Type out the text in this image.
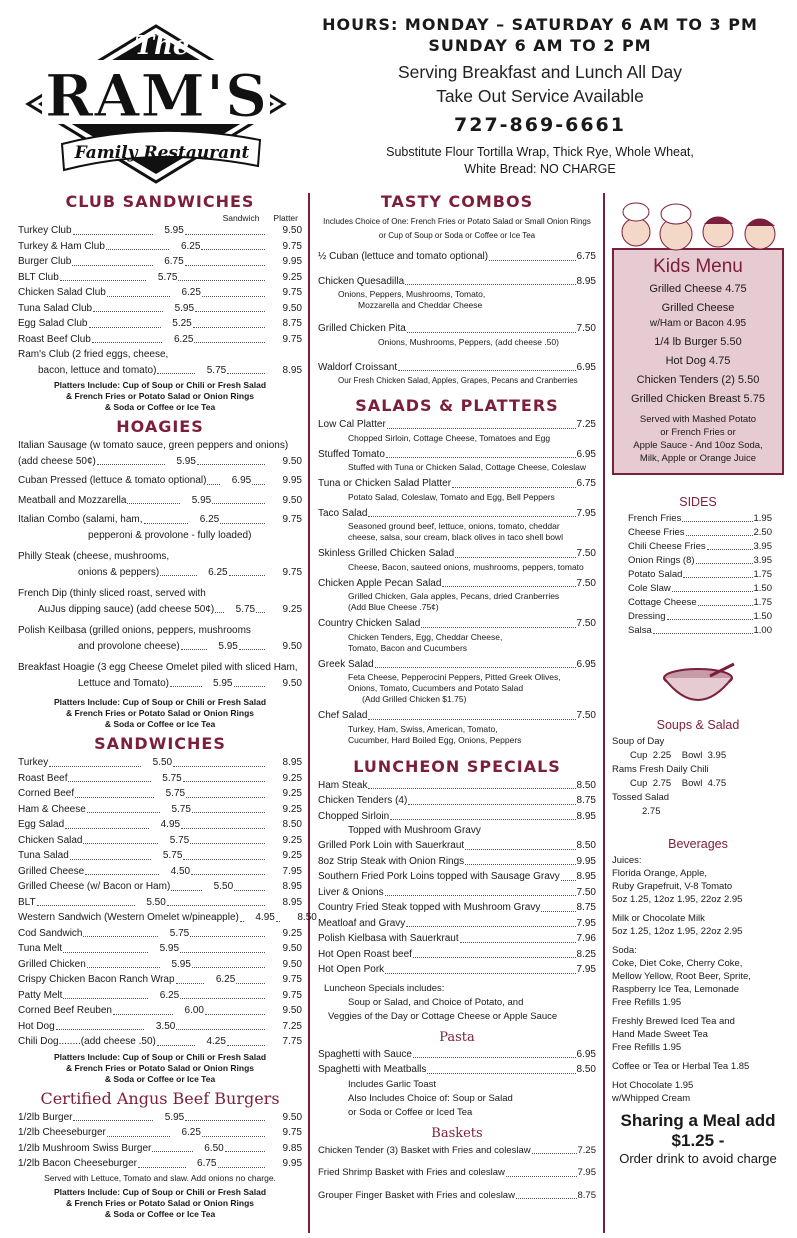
The
RAM'S
Family Restaurant
HOURS: MONDAY – SATURDAY 6 AM TO 3 PM
SUNDAY 6 AM TO 2 PM
Serving Breakfast and Lunch All Day
Take Out Service Available
727-869-6661
Substitute Flour Tortilla Wrap, Thick Rye, Whole Wheat,
White Bread: NO CHARGE
CLUB SANDWICHES
Sandwich Platter
Turkey Club	5.95	9.50
Turkey & Ham Club	6.25	9.75
Burger Club	6.75	9.95
BLT Club	5.75	9.25
Chicken Salad Club	6.25	9.75
Tuna Salad Club	5.95	9.50
Egg Salad Club	5.25	8.75
Roast Beef Club	6.25	9.75
Ram's Club (2 fried eggs, cheese,
bacon, lettuce and tomato)	5.75	8.95
Platters Include: Cup of Soup or Chili or Fresh Salad
& French Fries or Potato Salad or Onion Rings
& Soda or Coffee or Ice Tea
HOAGIES
Italian Sausage (w tomato sauce, green peppers and onions)
(add cheese 50¢)	5.95	9.50
Cuban Pressed (lettuce & tomato optional)	6.95	9.95
Meatball and Mozzarella	5.95	9.50
Italian Combo (salami, ham,	6.25	9.75
pepperoni & provolone - fully loaded)
Philly Steak (cheese, mushrooms,
onions & peppers)	6.25	9.75
French Dip (thinly sliced roast, served with
AuJus dipping sauce) (add cheese 50¢)	5.75	9.25
Polish Keilbasa (grilled onions, peppers, mushrooms
and provolone cheese)	5.95	9.50
Breakfast Hoagie (3 egg Cheese Omelet piled with sliced Ham,
Lettuce and Tomato)	5.95	9.50
Platters Include: Cup of Soup or Chili or Fresh Salad
& French Fries or Potato Salad or Onion Rings
& Soda or Coffee or Ice Tea
SANDWICHES
Turkey	5.50	8.95
Roast Beef	5.75	9.25
Corned Beef	5.75	9.25
Ham & Cheese	5.75	9.25
Egg Salad	4.95	8.50
Chicken Salad	5.75	9.25
Tuna Salad	5.75	9.25
Grilled Cheese	4.50	7.95
Grilled Cheese (w/ Bacon or Ham)	5.50	8.95
BLT	5.50	8.95
Western Sandwich (Western Omelet w/pineapple)	4.95	8.50
Cod Sandwich	5.75	9.25
Tuna Melt	5.95	9.50
Grilled Chicken	5.95	9.50
Crispy Chicken Bacon Ranch Wrap	6.25	9.75
Patty Melt	6.25	9.75
Corned Beef Reuben	6.00	9.50
Hot Dog	3.50	7.25
Chili Dog........(add cheese .50)	4.25	7.75
Platters Include: Cup of Soup or Chili or Fresh Salad
& French Fries or Potato Salad or Onion Rings
& Soda or Coffee or Ice Tea
Certified Angus Beef Burgers
1/2lb Burger	5.95	9.50
1/2lb Cheeseburger	6.25	9.75
1/2lb Mushroom Swiss Burger	6.50	9.85
1/2lb Bacon Cheeseburger	6.75	9.95
Served with Lettuce, Tomato and slaw. Add onions no charge.
Platters Include: Cup of Soup or Chili or Fresh Salad
& French Fries or Potato Salad or Onion Rings
& Soda or Coffee or Ice Tea
TASTY COMBOS
Includes Choice of One: French Fries or Potato Salad or Small Onion Rings
or Cup of Soup or Soda or Coffee or Ice Tea
½ Cuban (lettuce and tomato optional)	6.75
Chicken Quesadilla	8.95
Onions, Peppers, Mushrooms, Tomato,
Mozzarella and Cheddar Cheese
Grilled Chicken Pita	7.50
Onions, Mushrooms, Peppers, (add cheese .50)
Waldorf Croissant	6.95
Our Fresh Chicken Salad, Apples, Grapes, Pecans and Cranberries
SALADS & PLATTERS
Low Cal Platter	7.25
Chopped Sirloin, Cottage Cheese, Tomatoes and Egg
Stuffed Tomato	6.95
Stuffed with Tuna or Chicken Salad, Cottage Cheese, Coleslaw
Tuna or Chicken Salad Platter	6.75
Potato Salad, Coleslaw, Tomato and Egg, Bell Peppers
Taco Salad	7.95
Seasoned ground beef, lettuce, onions, tomato, cheddar
cheese, salsa, sour cream, black olives in taco shell bowl
Skinless Grilled Chicken Salad	7.50
Cheese, Bacon, sauteed onions, mushrooms, peppers, tomato
Chicken Apple Pecan Salad	7.50
Grilled Chicken, Gala apples, Pecans, dried Cranberries
(Add Blue Cheese .75¢)
Country Chicken Salad	7.50
Chicken Tenders, Egg, Cheddar Cheese,
Tomato, Bacon and Cucumbers
Greek Salad	6.95
Feta Cheese, Pepperocini Peppers, Pitted Greek Olives,
Onions, Tomato, Cucumbers and Potato Salad
(Add Grilled Chicken $1.75)
Chef Salad	7.50
Turkey, Ham, Swiss, American, Tomato,
Cucumber, Hard Boiled Egg, Onions, Peppers
LUNCHEON SPECIALS
Ham Steak	8.50
Chicken Tenders (4)	8.75
Chopped Sirloin	8.95
Topped with Mushroom Gravy
Grilled Pork Loin with Sauerkraut	8.50
8oz Strip Steak with Onion Rings	9.95
Southern Fried Pork Loins topped with Sausage Gravy 8.95
Liver & Onions	7.50
Country Fried Steak topped with Mushroom Gravy	8.75
Meatloaf and Gravy	7.95
Polish Kielbasa with Sauerkraut	7.96
Hot Open Roast beef	8.25
Hot Open Pork	7.95
Luncheon Specials includes:
Soup or Salad, and Choice of Potato, and
Veggies of the Day or Cottage Cheese or Apple Sauce
Pasta
Spaghetti with Sauce	6.95
Spaghetti with Meatballs	8.50
Includes Garlic Toast
Also Includes Choice of: Soup or Salad
or Soda or Coffee or Iced Tea
Baskets
Chicken Tender (3) Basket with Fries and coleslaw	7.25
Fried Shrimp Basket with Fries and coleslaw	7.95
Grouper Finger Basket with Fries and coleslaw	8.75
Kids Menu
Grilled Cheese 4.75
Grilled Cheese
w/Ham or Bacon 4.95
1/4 lb Burger 5.50
Hot Dog 4.75
Chicken Tenders (2) 5.50
Grilled Chicken Breast 5.75
Served with Mashed Potato
or French Fries or
Apple Sauce - And 10oz Soda,
Milk, Apple or Orange Juice
SIDES
French Fries	1.95
Cheese Fries	2.50
Chili Cheese Fries	3.95
Onion Rings (8)	3.95
Potato Salad	1.75
Cole Slaw	1.50
Cottage Cheese	1.75
Dressing	1.50
Salsa	1.00
Soups & Salad
Soup of Day
Cup  2.25    Bowl  3.95
Rams Fresh Daily Chili
Cup  2.75    Bowl  4.75
Tossed Salad
2.75
Beverages
Juices:
Florida Orange, Apple,
Ruby Grapefruit, V-8 Tomato
5oz 1.25, 12oz 1.95, 22oz 2.95
Milk or Chocolate Milk
5oz 1.25, 12oz 1.95, 22oz 2.95
Soda:
Coke, Diet Coke, Cherry Coke,
Mellow Yellow, Root Beer, Sprite,
Raspberry Ice Tea, Lemonade
Free Refills 1.95
Freshly Brewed Iced Tea and
Hand Made Sweet Tea
Free Refills 1.95
Coffee or Tea or Herbal Tea 1.85
Hot Chocolate 1.95
w/Whipped Cream
Sharing a Meal add $1.25 -
Order drink to avoid charge
